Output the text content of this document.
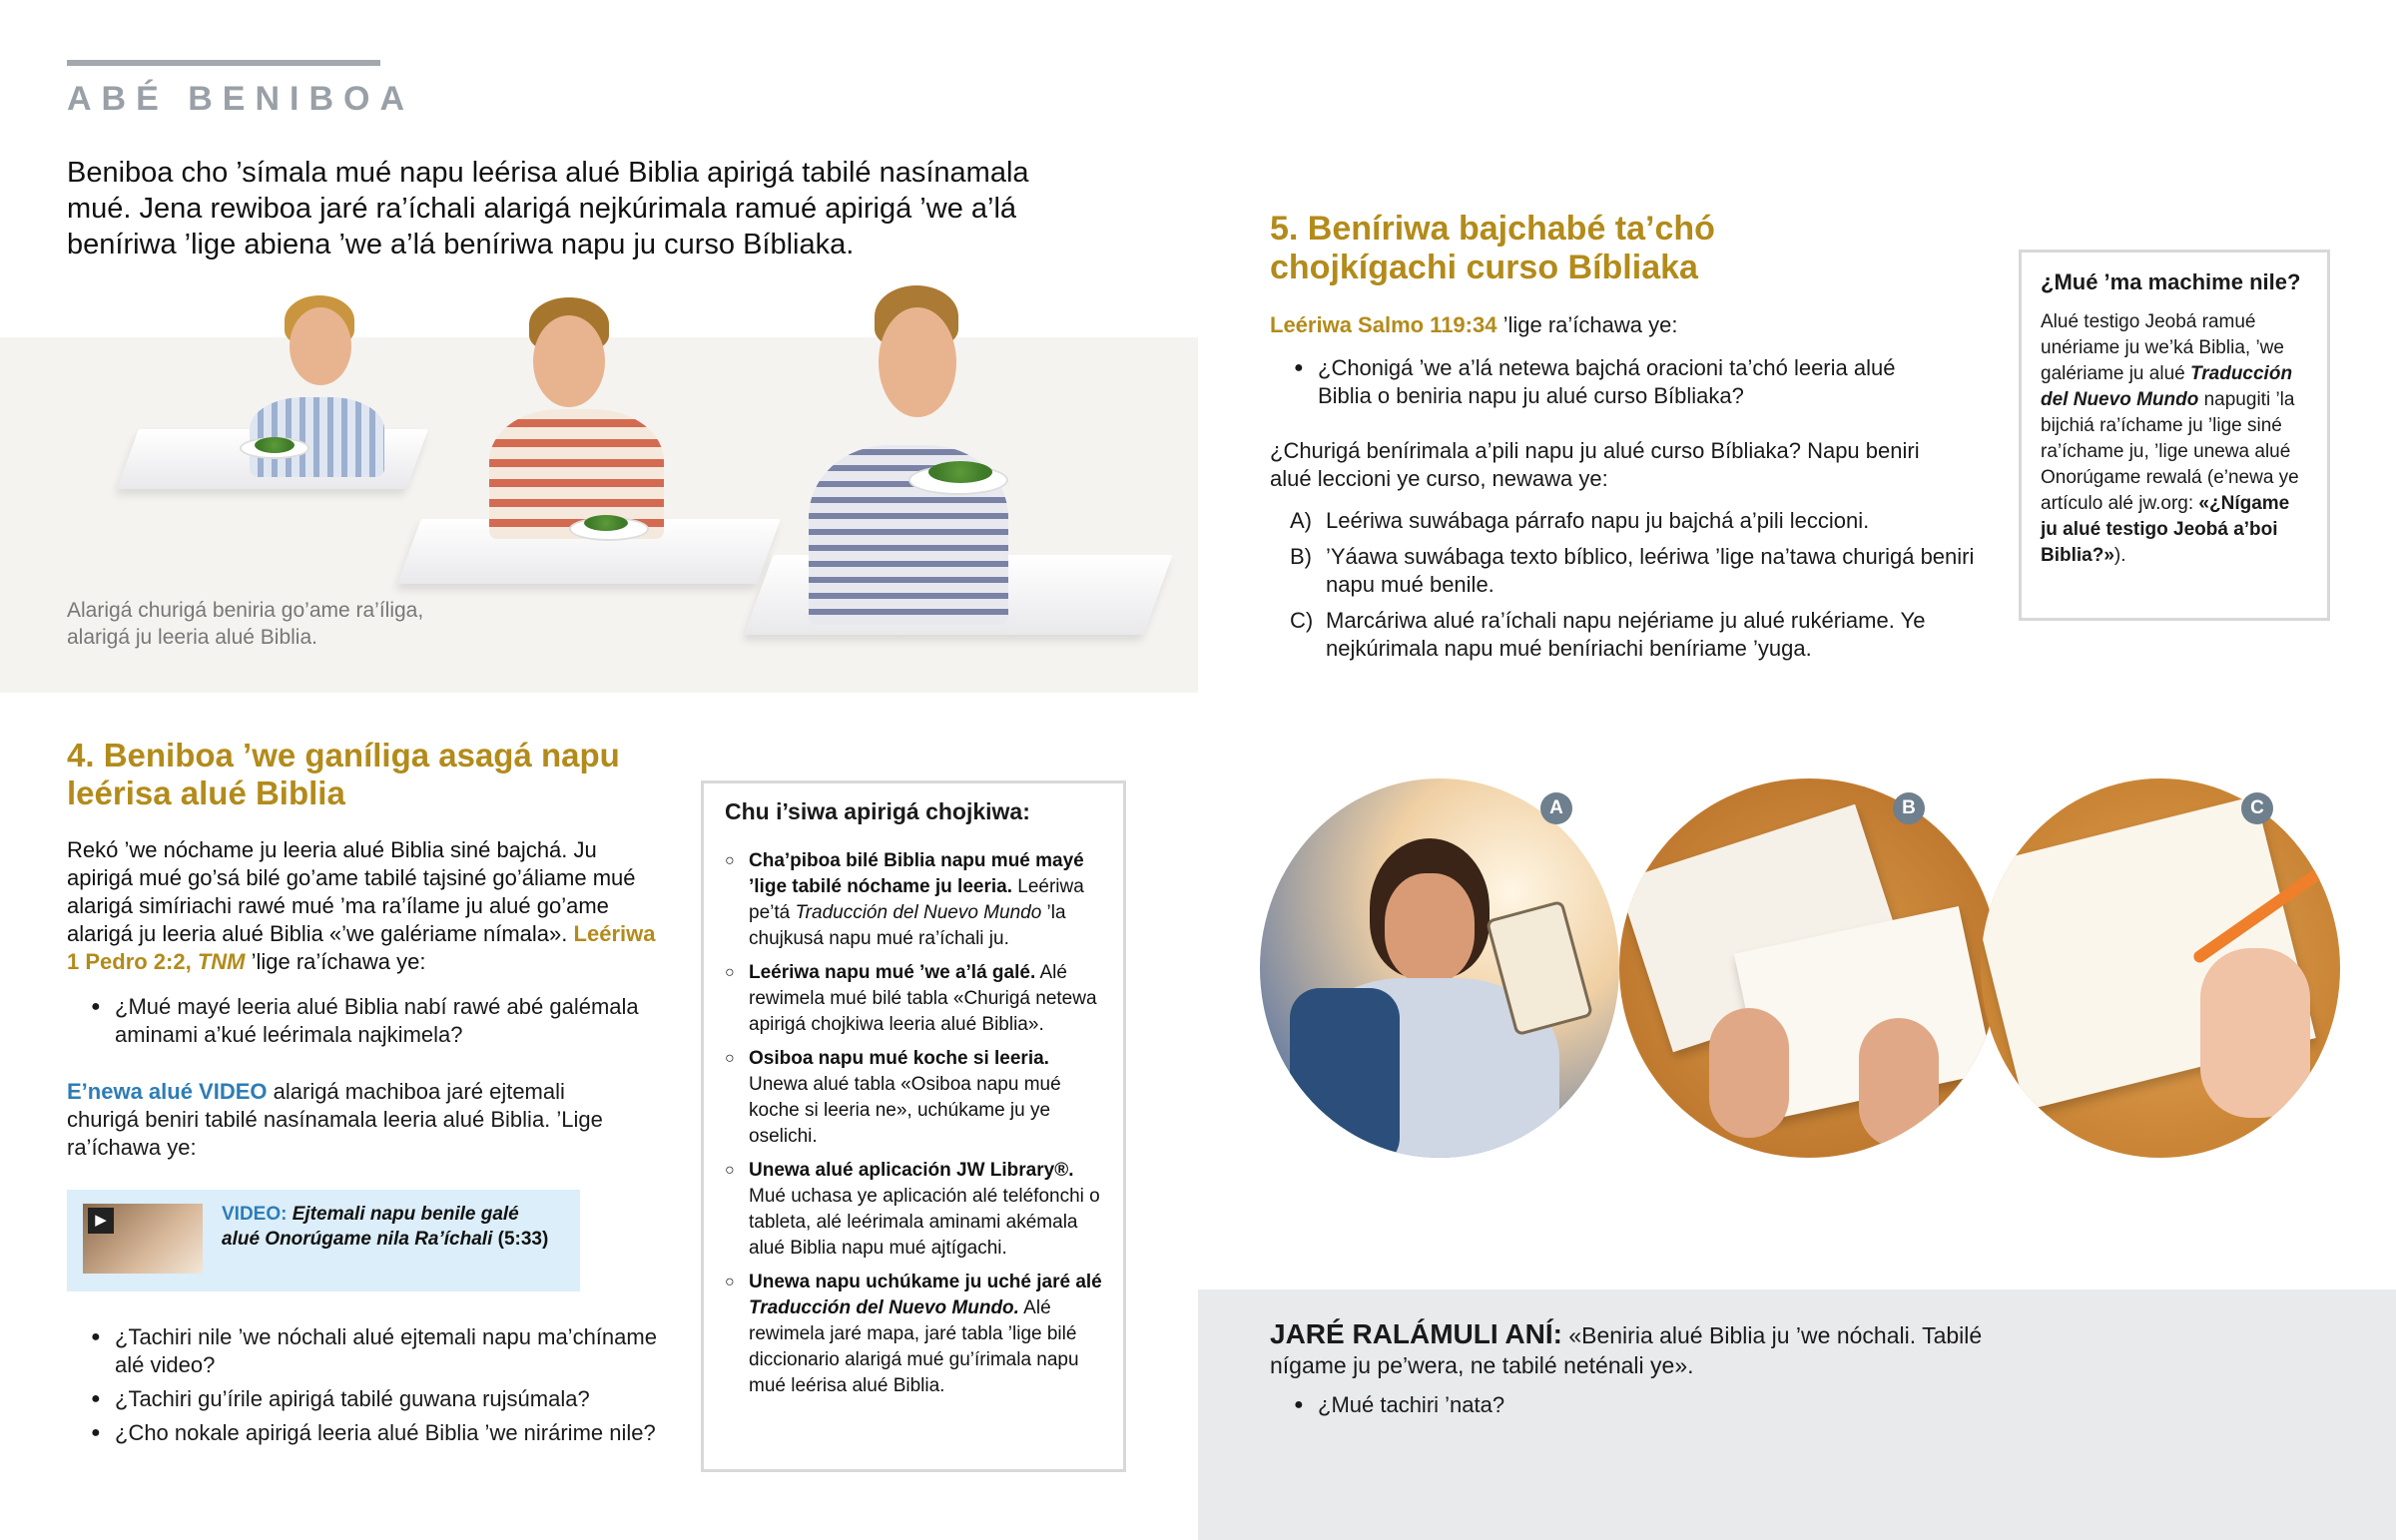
ABÉ BENIBOA
Beniboa cho ’símala mué napu leérisa alué Biblia apirigá tabilé nasínamala mué. Jena rewiboa jaré ra’íchali alarigá nejkúrimala ramué apirigá ’we a’lá beníriwa ’lige abiena ’we a’lá beníriwa napu ju curso Bíbliaka.
Alarigá churigá beniria go’ame ra’íliga, alarigá ju leeria alué Biblia.
4. Beniboa ’we ganíliga asagá napu leérisa alué Biblia
Rekó ’we nóchame ju leeria alué Biblia siné bajchá. Ju apirigá mué go’sá bilé go’ame tabilé tajsiné go’áliame mué alarigá simíriachi rawé mué ’ma ra’ílame ju alué go’ame alarigá ju leeria alué Biblia «’we galériame nímala». Leériwa 1 Pedro 2:2, TNM ’lige ra’íchawa ye:
● ¿Mué mayé leeria alué Biblia nabí rawé abé galémala aminami a’kué leérimala najkimela?
E’newa alué VIDEO alarigá machiboa jaré ejtemali churigá beniri tabilé nasínamala leeria alué Biblia. ’Lige ra’íchawa ye:
▶	VIDEO: Ejtemali napu benile galé alué Onorúgame nila Ra’íchali (5:33)
● ¿Tachiri nile ’we nóchali alué ejtemali napu ma’chíname alé video?
● ¿Tachiri gu’írile apirigá tabilé guwana rujsúmala?
● ¿Cho nokale apirigá leeria alué Biblia ’we nirárime nile?
Chu i’siwa apirigá chojkiwa:
○ Cha’piboa bilé Biblia napu mué mayé ’lige tabilé nóchame ju leeria. Leériwa pe’tá Traducción del Nuevo Mundo ’la chujkusá napu mué ra’íchali ju.
○ Leériwa napu mué ’we a’lá galé. Alé rewimela mué bilé tabla «Churigá netewa apirigá chojkiwa leeria alué Biblia».
○ Osiboa napu mué koche si leeria. Unewa alué tabla «Osiboa napu mué koche si leeria ne», uchúkame ju ye oselichi.
○ Unewa alué aplicación JW Library®. Mué uchasa ye aplicación alé teléfonchi o tableta, alé leérimala aminami akémala alué Biblia napu mué ajtígachi.
○ Unewa napu uchúkame ju uché jaré alé Traducción del Nuevo Mundo. Alé rewimela jaré mapa, jaré tabla ’lige bilé diccionario alarigá mué gu’írimala napu mué leérisa alué Biblia.
5. Beníriwa bajchabé ta’chó chojkígachi curso Bíbliaka
Leériwa Salmo 119:34 ’lige ra’íchawa ye:
● ¿Chonigá ’we a’lá netewa bajchá oracioni ta’chó leeria alué Biblia o beniria napu ju alué curso Bíbliaka?
¿Churigá benírimala a’pili napu ju alué curso Bíbliaka? Napu beniri alué leccioni ye curso, newawa ye:
A) Leériwa suwábaga párrafo napu ju bajchá a’pili leccioni.
B) ’Yáawa suwábaga texto bíblico, leériwa ’lige na’tawa churigá beniri napu mué benile.
C) Marcáriwa alué ra’íchali napu nejériame ju alué rukériame. Ye nejkúrimala napu mué beníriachi beníriame ’yuga.
¿Mué ’ma machime nile?
Alué testigo Jeobá ramué unériame ju we’ká Biblia, ’we galériame ju alué Traducción del Nuevo Mundo napugiti ’la bijchiá ra’íchame ju ’lige siné ra’íchame ju, ’lige unewa alué Onorúgame rewalá (e’newa ye artículo alé jw.org: «¿Nígame ju alué testigo Jeobá a’boi Biblia?»).
A	B	C
JARÉ RALÁMULI ANÍ: «Beniria alué Biblia ju ’we nóchali. Tabilé nígame ju pe’wera, ne tabilé neténali ye».
● ¿Mué tachiri ’nata?
